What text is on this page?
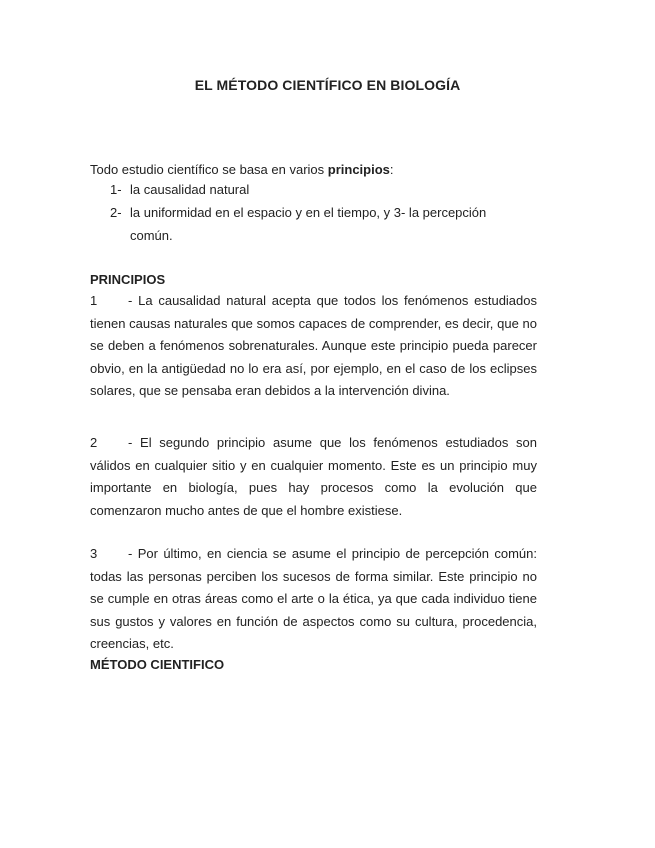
EL MÉTODO CIENTÍFICO EN BIOLOGÍA
Todo estudio científico se basa en varios principios:
1- la causalidad natural
2- la uniformidad en el espacio y en el tiempo, y 3- la percepción común.
PRINCIPIOS
1 - La causalidad natural acepta que todos los fenómenos estudiados tienen causas naturales que somos capaces de comprender, es decir, que no se deben a fenómenos sobrenaturales. Aunque este principio pueda parecer obvio, en la antigüedad no lo era así, por ejemplo, en el caso de los eclipses solares, que se pensaba eran debidos a la intervención divina.
2 - El segundo principio asume que los fenómenos estudiados son válidos en cualquier sitio y en cualquier momento. Este es un principio muy importante en biología, pues hay procesos como la evolución que comenzaron mucho antes de que el hombre existiese.
3 - Por último, en ciencia se asume el principio de percepción común: todas las personas perciben los sucesos de forma similar. Este principio no se cumple en otras áreas como el arte o la ética, ya que cada individuo tiene sus gustos y valores en función de aspectos como su cultura, procedencia, creencias, etc.
MÉTODO CIENTIFICO
